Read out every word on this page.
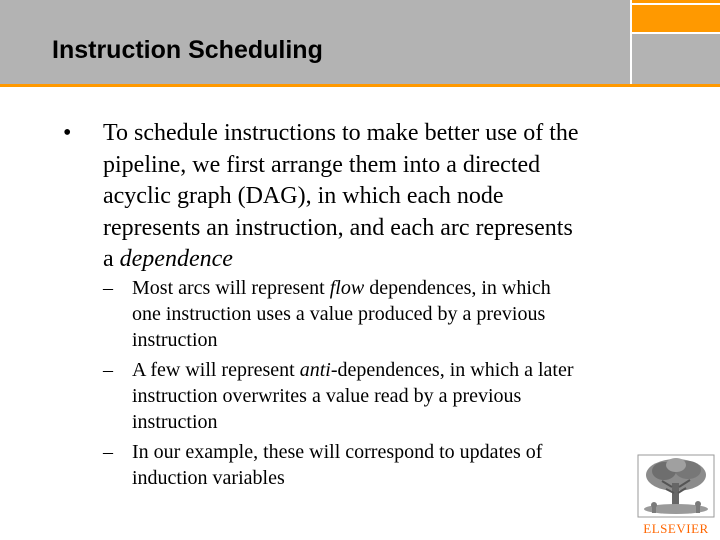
Instruction Scheduling
• To schedule instructions to make better use of the
pipeline, we first arrange them into a directed
acyclic graph (DAG), in which each node
represents an instruction, and each arc represents
a dependence
– Most arcs will represent flow dependences, in which
one instruction uses a value produced by a previous
instruction
– A few will represent anti-dependences, in which a later
instruction overwrites a value read by a previous
instruction
– In our example, these will correspond to updates of
induction variables
ELSEVIER
